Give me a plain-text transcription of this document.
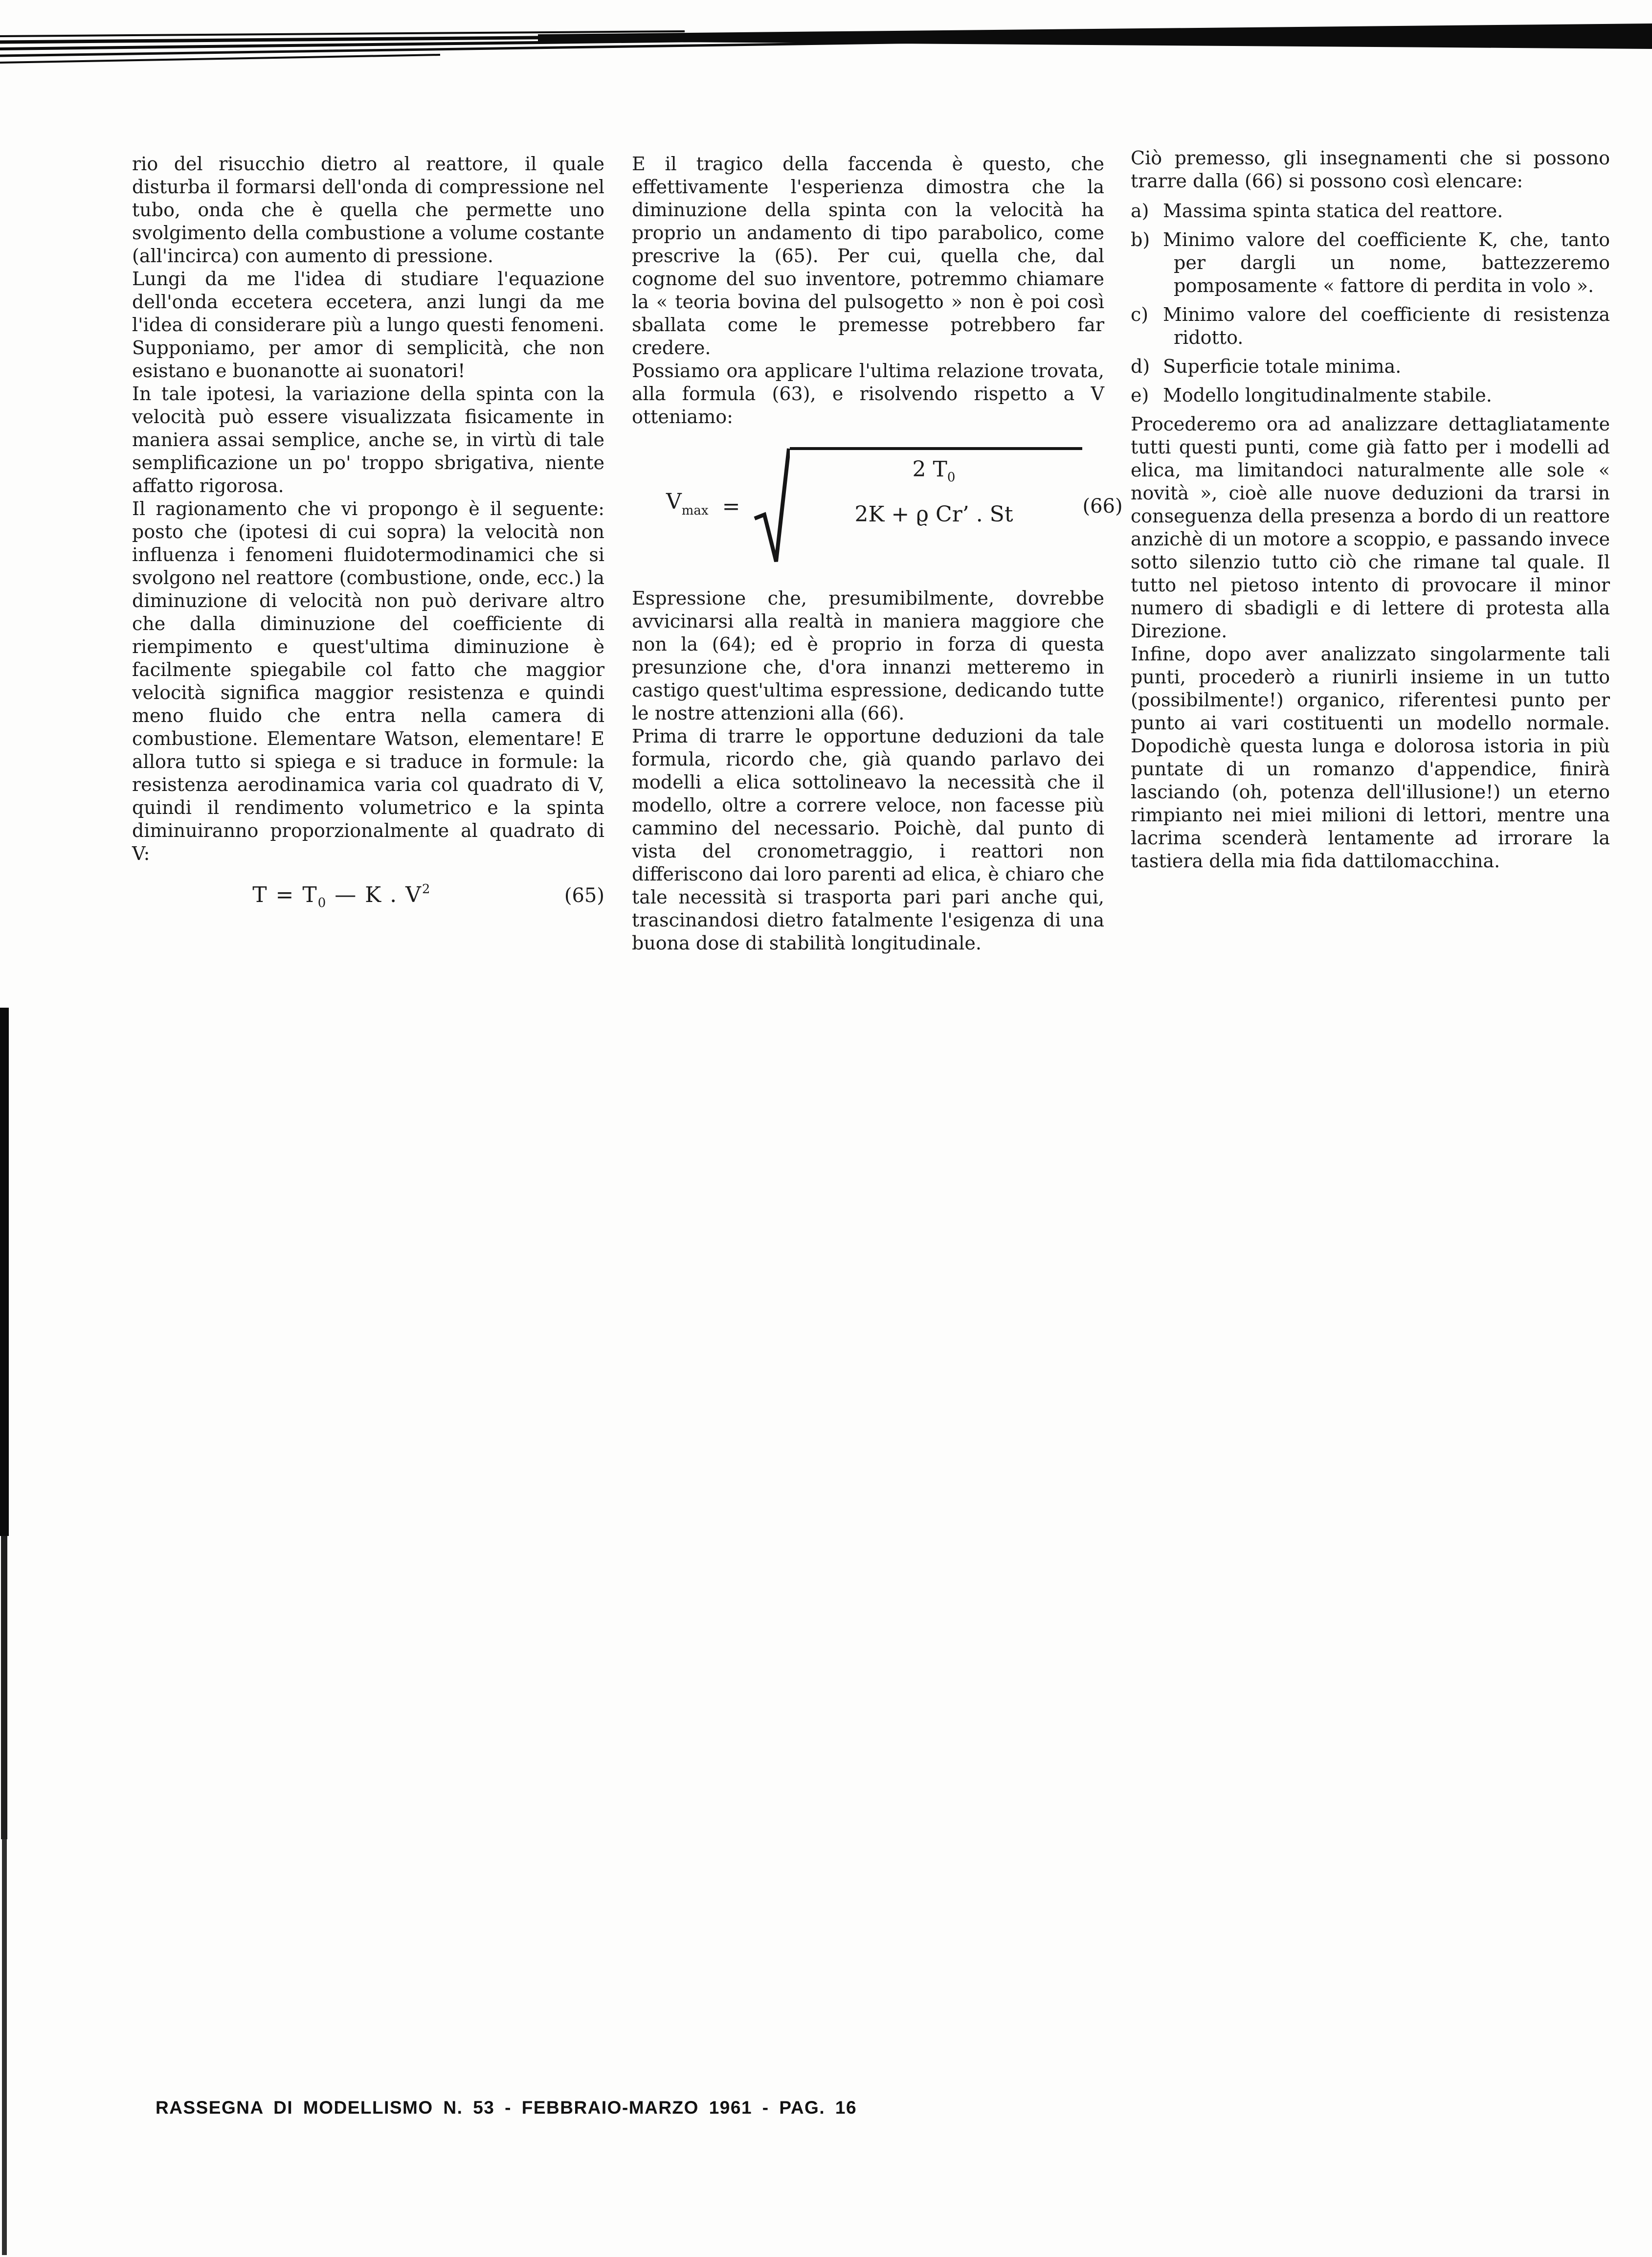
rio del risucchio dietro al reattore, il quale disturba il formarsi dell'onda di compressione nel tubo, onda che è quella che permette uno svolgimento della combustione a volume costante (all'incirca) con aumento di pressione.

Lungi da me l'idea di studiare l'equazione dell'onda eccetera eccetera, anzi lungi da me l'idea di considerare più a lungo questi fenomeni. Supponiamo, per amor di semplicità, che non esistano e buonanotte ai suonatori!

In tale ipotesi, la variazione della spinta con la velocità può essere visualizzata fisicamente in maniera assai semplice, anche se, in virtù di tale semplificazione un po' troppo sbrigativa, niente affatto rigorosa.

Il ragionamento che vi propongo è il seguente: posto che (ipotesi di cui sopra) la velocità non influenza i fenomeni fluidotermodinamici che si svolgono nel reattore (combustione, onde, ecc.) la diminuzione di velocità non può derivare altro che dalla diminuzione del coefficiente di riempimento e quest'ultima diminuzione è facilmente spiegabile col fatto che maggior velocità significa maggior resistenza e quindi meno fluido che entra nella camera di combustione. Elementare Watson, elementare! E allora tutto si spiega e si traduce in formule: la resistenza aerodinamica varia col quadrato di V, quindi il rendimento volumetrico e la spinta diminuiranno proporzionalmente al quadrato di V:

$T = T_0$ — K . $V^2$	(65)

E il tragico della faccenda è questo, che effettivamente l'esperienza dimostra che la diminuzione della spinta con la velocità ha proprio un andamento di tipo parabolico, come prescrive la (65). Per cui, quella che, dal cognome del suo inventore, potremmo chiamare la « teoria bovina del pulsogetto » non è poi così sballata come le premesse potrebbero far credere.

Possiamo ora applicare l'ultima relazione trovata, alla formula (63), e risolvendo rispetto a V otteniamo:

$V_{max}$ =
2 $T_0$
2K + ϱ Cr’ . St	(66)

Espressione che, presumibilmente, dovrebbe avvicinarsi alla realtà in maniera maggiore che non la (64); ed è proprio in forza di questa presunzione che, d'ora innanzi metteremo in castigo quest'ultima espressione, dedicando tutte le nostre attenzioni alla (66).

Prima di trarre le opportune deduzioni da tale formula, ricordo che, già quando parlavo dei modelli a elica sottolineavo la necessità che il modello, oltre a correre veloce, non facesse più cammino del necessario. Poichè, dal punto di vista del cronometraggio, i reattori non differiscono dai loro parenti ad elica, è chiaro che tale necessità si trasporta pari pari anche qui, trascinandosi dietro fatalmente l'esigenza di una buona dose di stabilità longitudinale.

Ciò premesso, gli insegnamenti che si possono trarre dalla (66) si possono così elencare:

a) Massima spinta statica del reattore.
b) Minimo valore del coefficiente K, che, tanto per dargli un nome, battezzeremo pomposamente « fattore di perdita in volo ».
c) Minimo valore del coefficiente di resistenza ridotto.
d) Superficie totale minima.
e) Modello longitudinalmente stabile.

Procederemo ora ad analizzare dettagliatamente tutti questi punti, come già fatto per i modelli ad elica, ma limitandoci naturalmente alle sole « novità », cioè alle nuove deduzioni da trarsi in conseguenza della presenza a bordo di un reattore anzichè di un motore a scoppio, e passando invece sotto silenzio tutto ciò che rimane tal quale. Il tutto nel pietoso intento di provocare il minor numero di sbadigli e di lettere di protesta alla Direzione.

Infine, dopo aver analizzato singolarmente tali punti, procederò a riunirli insieme in un tutto (possibilmente!) organico, riferentesi punto per punto ai vari costituenti un modello normale. Dopodichè questa lunga e dolorosa istoria in più puntate di un romanzo d'appendice, finirà lasciando (oh, potenza dell'illusione!) un eterno rimpianto nei miei milioni di lettori, mentre una lacrima scenderà lentamente ad irrorare la tastiera della mia fida dattilomacchina.

RASSEGNA DI MODELLISMO N. 53 - FEBBRAIO-MARZO 1961 - PAG. 16
